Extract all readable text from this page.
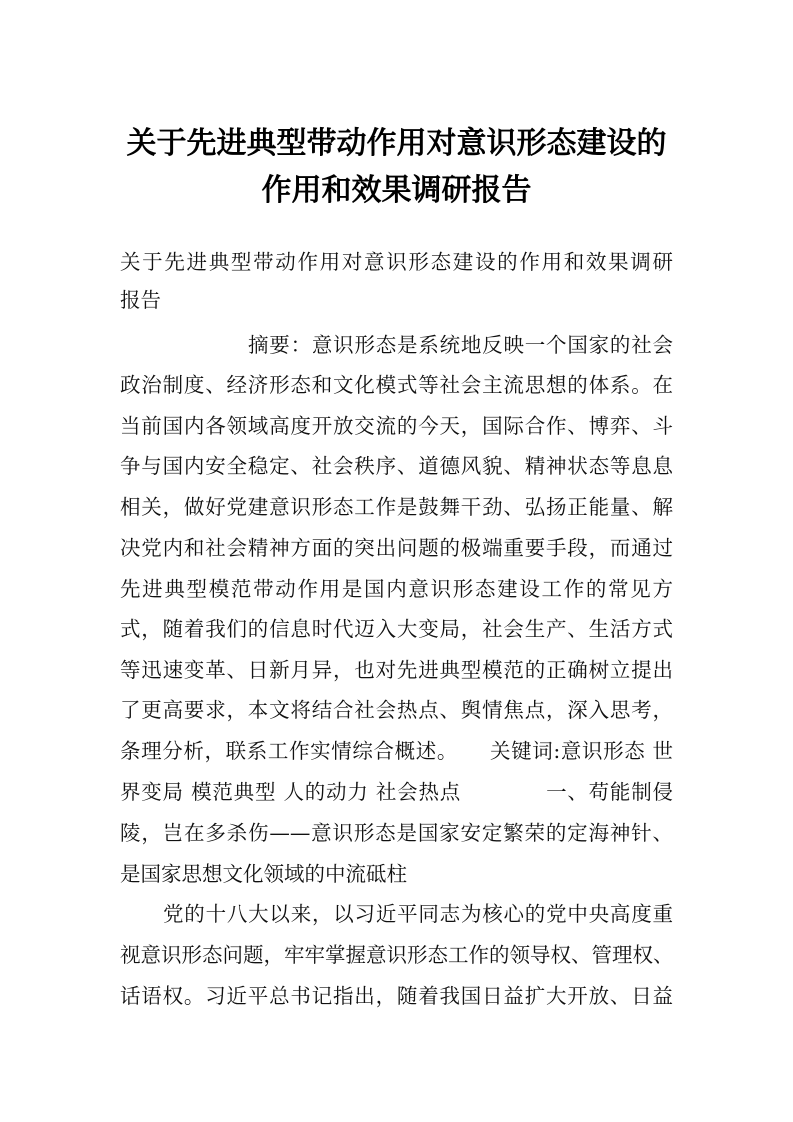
关于先进典型带动作用对意识形态建设的
作用和效果调研报告
关于先进典型带动作用对意识形态建设的作用和效果调研
报告
摘要：意识形态是系统地反映一个国家的社会
政治制度、经济形态和文化模式等社会主流思想的体系。在
当前国内各领域高度开放交流的今天，国际合作、博弈、斗
争与国内安全稳定、社会秩序、道德风貌、精神状态等息息
相关，做好党建意识形态工作是鼓舞干劲、弘扬正能量、解
决党内和社会精神方面的突出问题的极端重要手段，而通过
先进典型模范带动作用是国内意识形态建设工作的常见方
式，随着我们的信息时代迈入大变局，社会生产、生活方式
等迅速变革、日新月异，也对先进典型模范的正确树立提出
了更高要求，本文将结合社会热点、舆情焦点，深入思考，
条理分析，联系工作实情综合概述。　　关键词:意识形态 世
界变局 模范典型 人的动力 社会热点　　　　一、苟能制侵
陵，岂在多杀伤——意识形态是国家安定繁荣的定海神针、
是国家思想文化领域的中流砥柱
党的十八大以来，以习近平同志为核心的党中央高度重
视意识形态问题，牢牢掌握意识形态工作的领导权、管理权、
话语权。习近平总书记指出，随着我国日益扩大开放、日益
